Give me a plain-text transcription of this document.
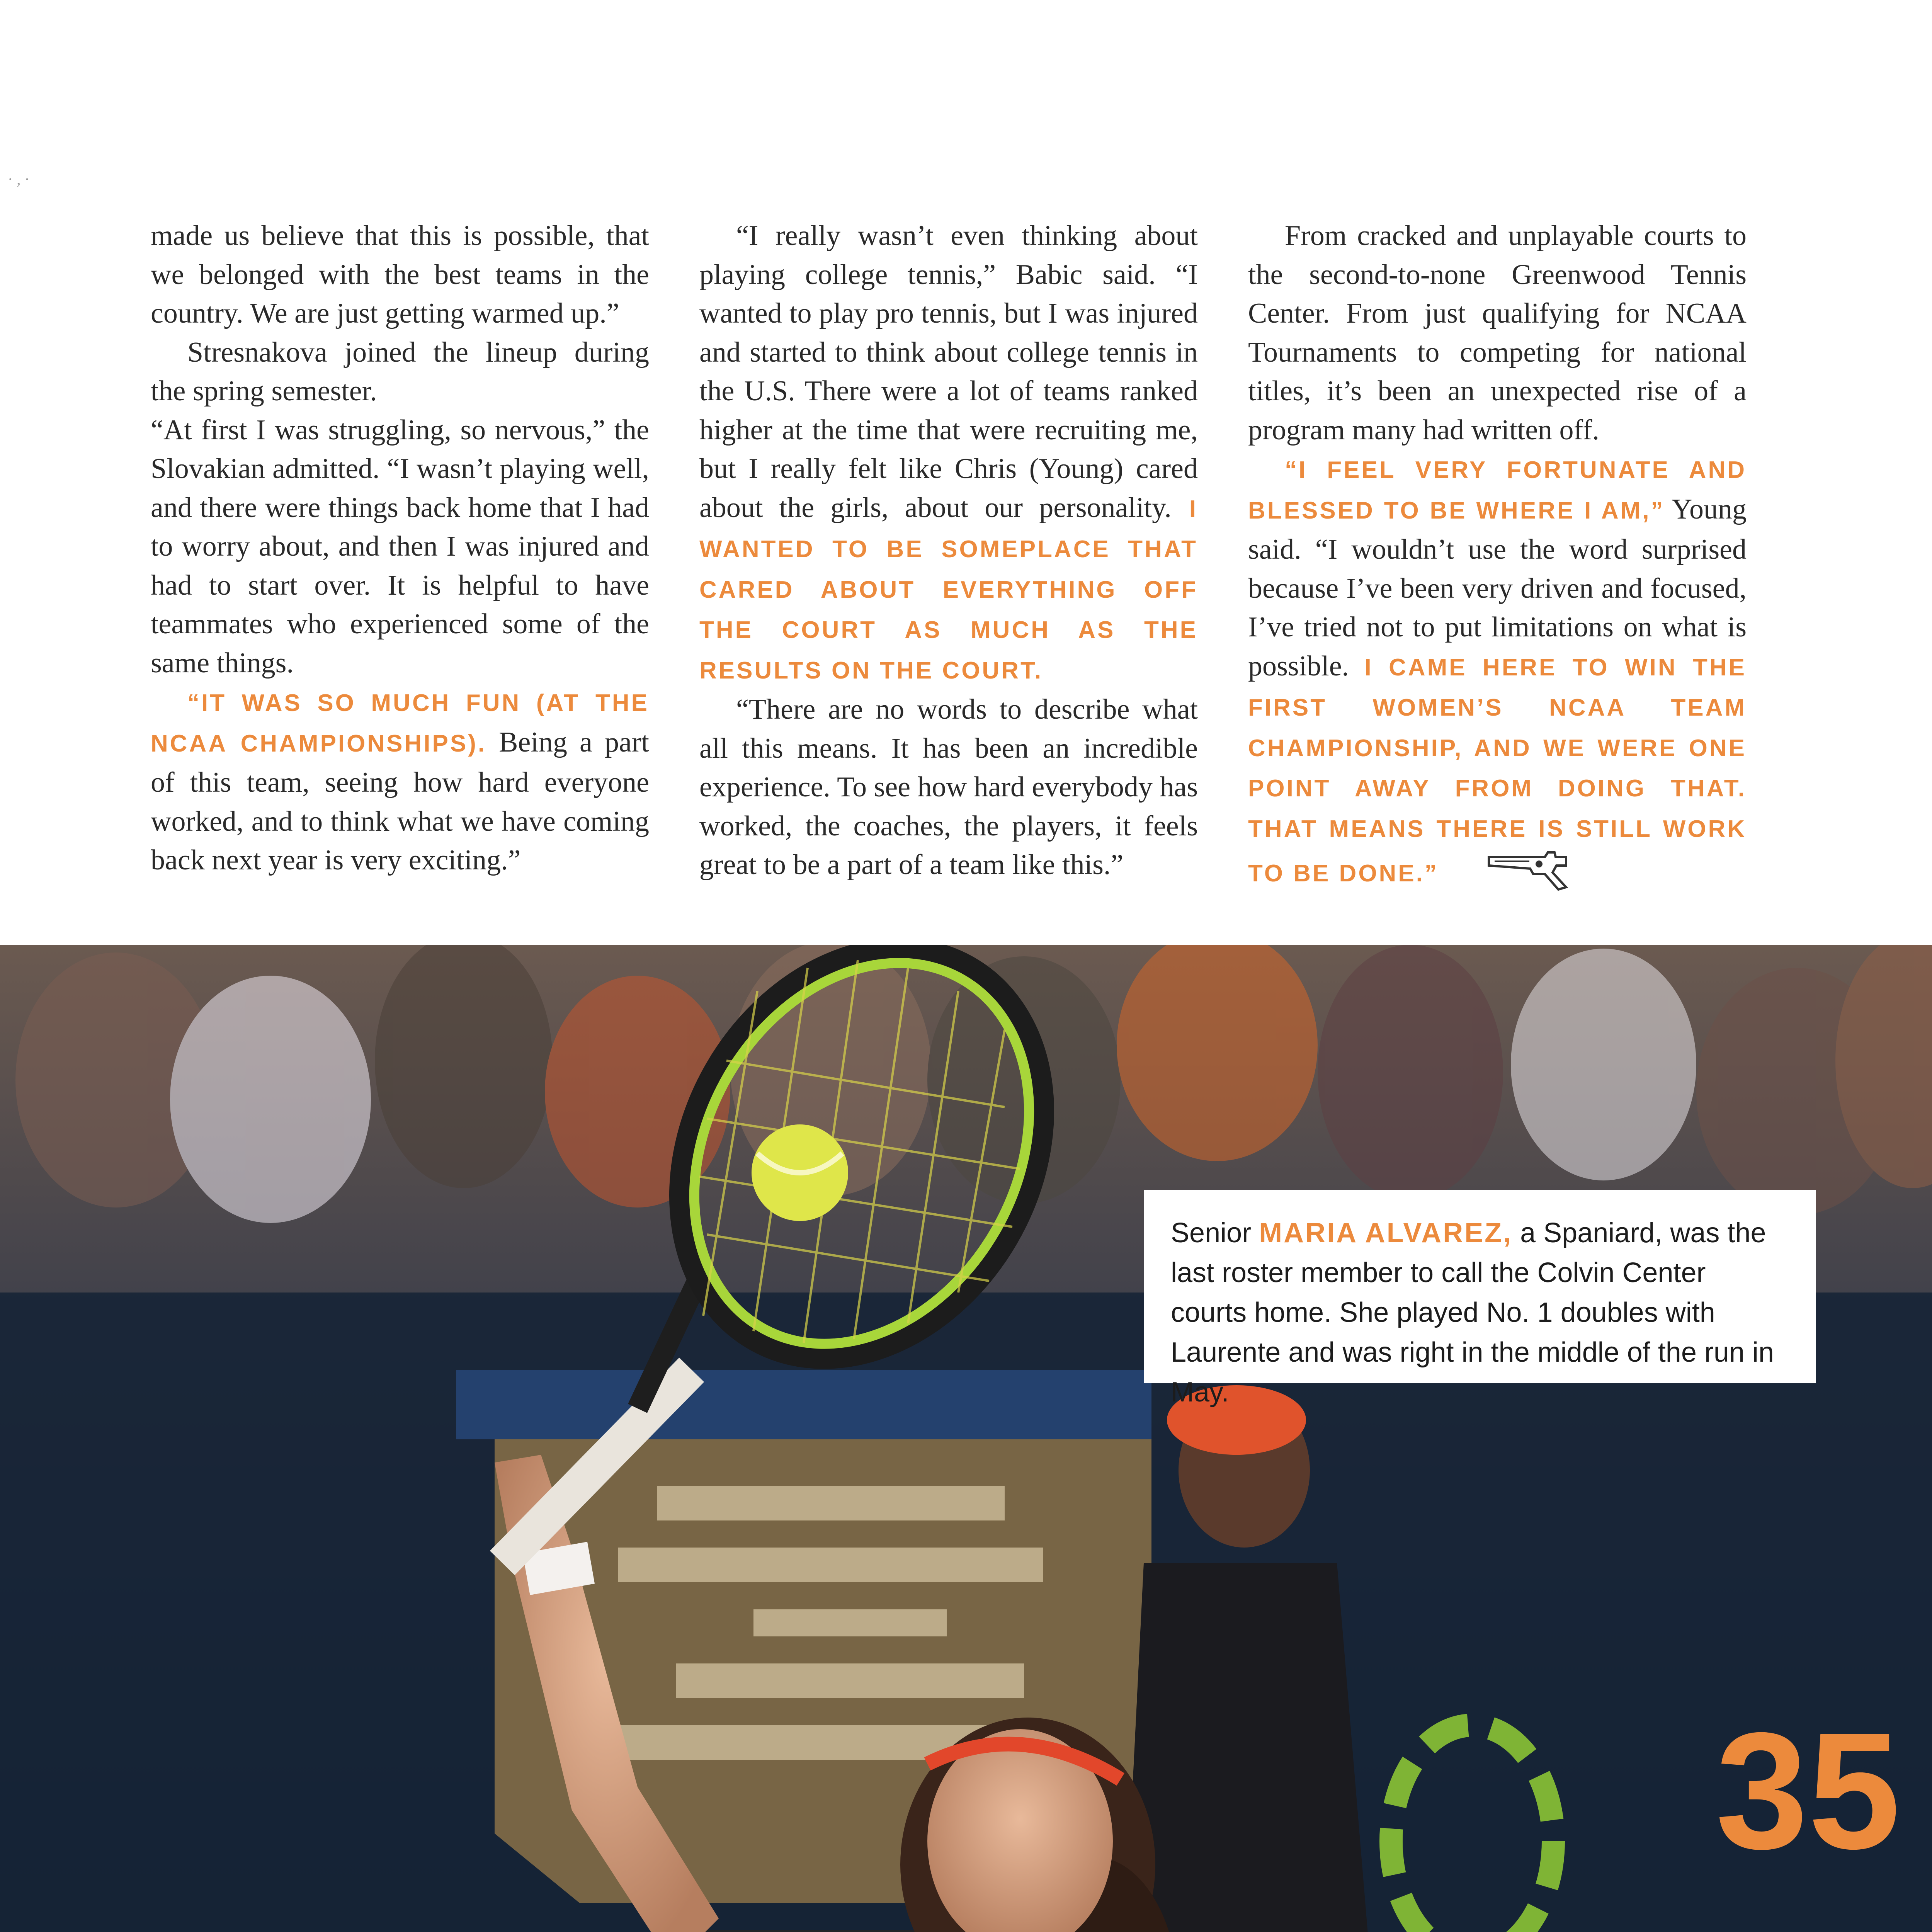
· , ·

made us believe that this is possible, that we belonged with the best teams in the country. We are just getting warmed up.”

Stresnakova joined the lineup during the spring semester.

“At first I was struggling, so nervous,” the Slovakian admitted. “I wasn’t playing well, and there were things back home that I had to worry about, and then I was injured and had to start over. It is helpful to have teammates who experienced some of the same things.

“IT WAS SO MUCH FUN (AT THE NCAA CHAMPIONSHIPS). Being a part of this team, seeing how hard everyone worked, and to think what we have coming back next year is very exciting.”

“I really wasn’t even thinking about playing college tennis,” Babic said. “I wanted to play pro tennis, but I was injured and started to think about college tennis in the U.S. There were a lot of teams ranked higher at the time that were recruiting me, but I really felt like Chris (Young) cared about the girls, about our personality. I WANTED TO BE SOMEPLACE THAT CARED ABOUT EVERYTHING OFF THE COURT AS MUCH AS THE RESULTS ON THE COURT.

“There are no words to describe what all this means. It has been an incredible experience. To see how hard everybody has worked, the coaches, the players, it feels great to be a part of a team like this.”

From cracked and unplayable courts to the second-to-none Greenwood Tennis Center. From just qualifying for NCAA Tournaments to competing for national titles, it’s been an unexpected rise of a program many had written off.

“I FEEL VERY FORTUNATE AND BLESSED TO BE WHERE I AM,” Young said. “I wouldn’t use the word surprised because I’ve been very driven and focused, I’ve tried not to put limitations on what is possible. I CAME HERE TO WIN THE FIRST WOMEN’S NCAA TEAM CHAMPIONSHIP, AND WE WERE ONE POINT AWAY FROM DOING THAT. THAT MEANS THERE IS STILL WORK TO BE DONE.”

Senior MARIA ALVAREZ, a Spaniard, was the last roster member to call the Colvin Center courts home. She played No. 1 doubles with Laurente and was right in the middle of the run in May.
35
